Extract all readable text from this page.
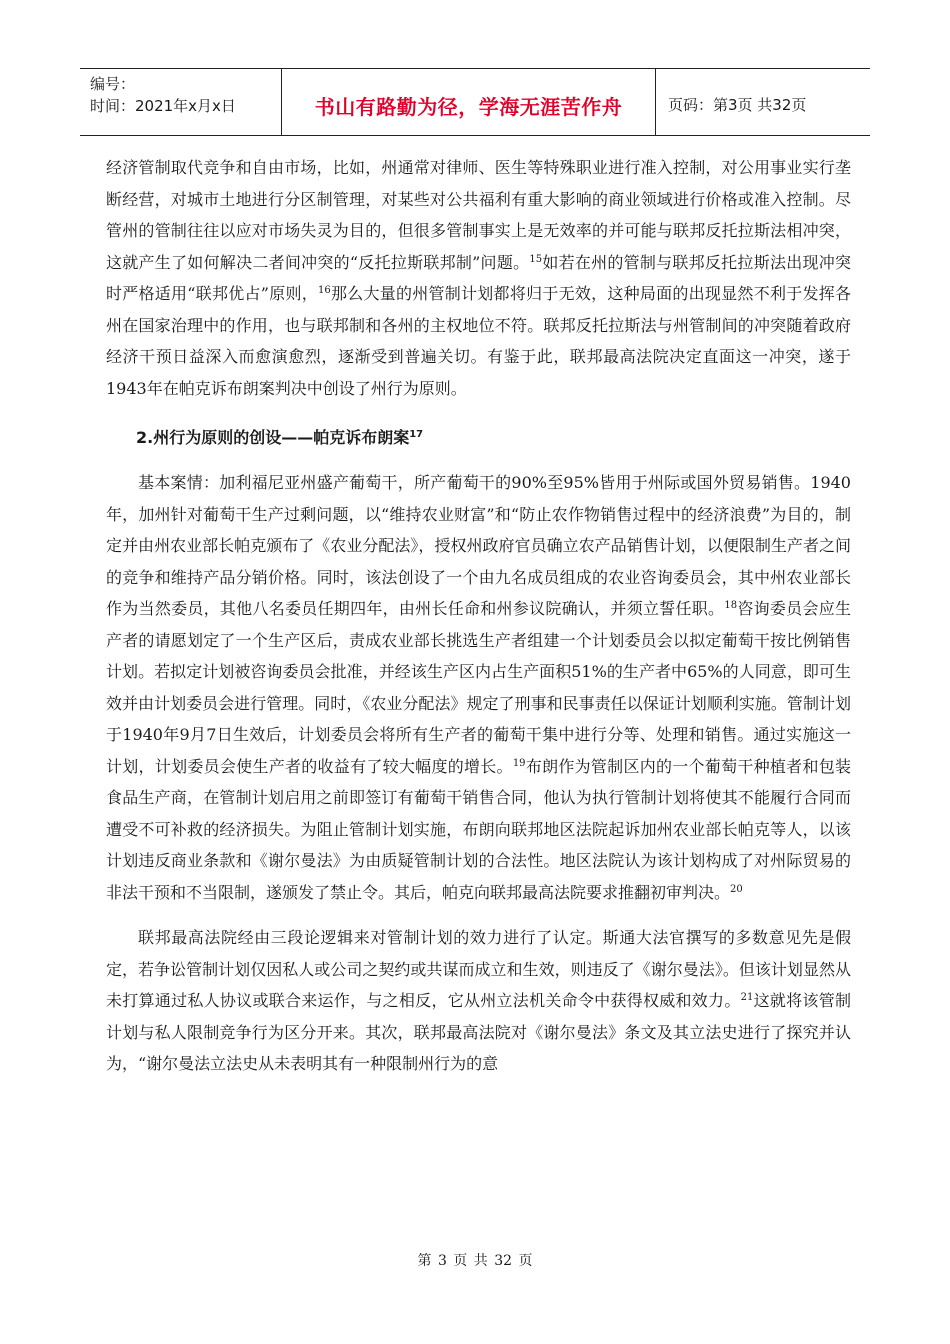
编号：
时间：2021年x月x日	书山有路勤为径，学海无涯苦作舟	页码：第3页 共32页

经济管制取代竞争和自由市场，比如，州通常对律师、医生等特殊职业进行准入控制，对公用事业实行垄断经营，对城市土地进行分区制管理，对某些对公共福利有重大影响的商业领域进行价格或准入控制。尽管州的管制往往以应对市场失灵为目的，但很多管制事实上是无效率的并可能与联邦反托拉斯法相冲突，这就产生了如何解决二者间冲突的“反托拉斯联邦制”问题。$^{15}$如若在州的管制与联邦反托拉斯法出现冲突时严格适用“联邦优占”原则，$^{16}$那么大量的州管制计划都将归于无效，这种局面的出现显然不利于发挥各州在国家治理中的作用，也与联邦制和各州的主权地位不符。联邦反托拉斯法与州管制间的冲突随着政府经济干预日益深入而愈演愈烈，逐渐受到普遍关切。有鉴于此，联邦最高法院决定直面这一冲突，遂于1943年在帕克诉布朗案判决中创设了州行为原则。

2.州行为原则的创设——帕克诉布朗案$^{17}$

基本案情：加利福尼亚州盛产葡萄干，所产葡萄干的90%至95%皆用于州际或国外贸易销售。1940年，加州针对葡萄干生产过剩问题，以“维持农业财富”和“防止农作物销售过程中的经济浪费”为目的，制定并由州农业部长帕克颁布了《农业分配法》，授权州政府官员确立农产品销售计划，以便限制生产者之间的竞争和维持产品分销价格。同时，该法创设了一个由九名成员组成的农业咨询委员会，其中州农业部长作为当然委员，其他八名委员任期四年，由州长任命和州参议院确认，并须立誓任职。$^{18}$咨询委员会应生产者的请愿划定了一个生产区后，责成农业部长挑选生产者组建一个计划委员会以拟定葡萄干按比例销售计划。若拟定计划被咨询委员会批准，并经该生产区内占生产面积51%的生产者中65%的人同意，即可生效并由计划委员会进行管理。同时，《农业分配法》规定了刑事和民事责任以保证计划顺利实施。管制计划于1940年9月7日生效后，计划委员会将所有生产者的葡萄干集中进行分等、处理和销售。通过实施这一计划，计划委员会使生产者的收益有了较大幅度的增长。$^{19}$布朗作为管制区内的一个葡萄干种植者和包装食品生产商，在管制计划启用之前即签订有葡萄干销售合同，他认为执行管制计划将使其不能履行合同而遭受不可补救的经济损失。为阻止管制计划实施，布朗向联邦地区法院起诉加州农业部长帕克等人，以该计划违反商业条款和《谢尔曼法》为由质疑管制计划的合法性。地区法院认为该计划构成了对州际贸易的非法干预和不当限制，遂颁发了禁止令。其后，帕克向联邦最高法院要求推翻初审判决。$^{20}$

联邦最高法院经由三段论逻辑来对管制计划的效力进行了认定。斯通大法官撰写的多数意见先是假定，若争讼管制计划仅因私人或公司之契约或共谋而成立和生效，则违反了《谢尔曼法》。但该计划显然从未打算通过私人协议或联合来运作，与之相反，它从州立法机关命令中获得权威和效力。$^{21}$这就将该管制计划与私人限制竞争行为区分开来。其次，联邦最高法院对《谢尔曼法》条文及其立法史进行了探究并认为，“谢尔曼法立法史从未表明其有一种限制州行为的意

第 3 页 共 32 页
